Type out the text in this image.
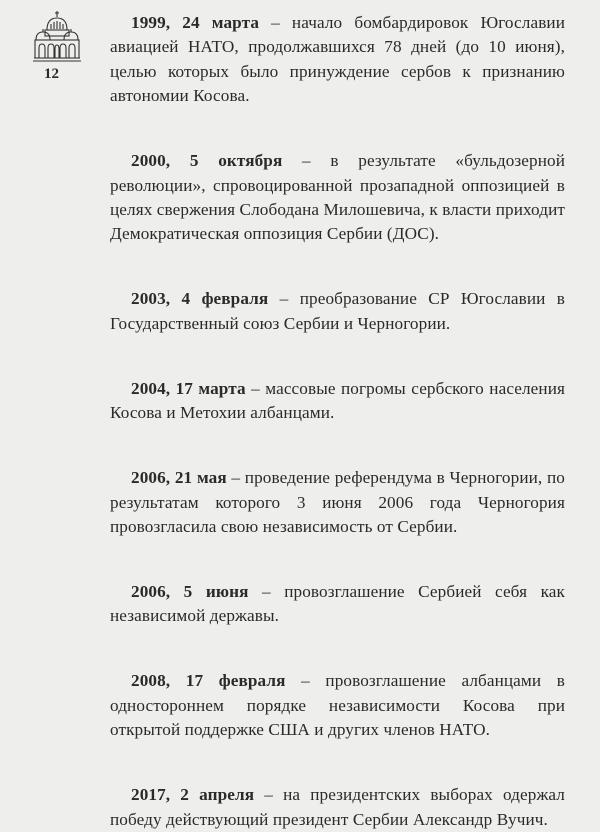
12

1999, 24 марта – начало бомбардировок Югославии авиацией НАТО, продолжавшихся 78 дней (до 10 июня), целью которых было принуждение сербов к признанию автономии Косова.

2000, 5 октября – в результате «бульдозерной революции», спровоцированной прозападной оппозицией в целях свержения Слободана Милошевича, к власти приходит Демократическая оппозиция Сербии (ДОС).

2003, 4 февраля – преобразование СР Югославии в Государственный союз Сербии и Черногории.

2004, 17 марта – массовые погромы сербского населения Косова и Метохии албанцами.

2006, 21 мая – проведение референдума в Черногории, по результатам которого 3 июня 2006 года Черногория провозгласила свою независимость от Сербии.

2006, 5 июня – провозглашение Сербией себя как независимой державы.

2008, 17 февраля – провозглашение албанцами в одностороннем порядке независимости Косова при открытой поддержке США и других членов НАТО.

2017, 2 апреля – на президентских выборах одержал победу действующий президент Сербии Александр Вучич.
